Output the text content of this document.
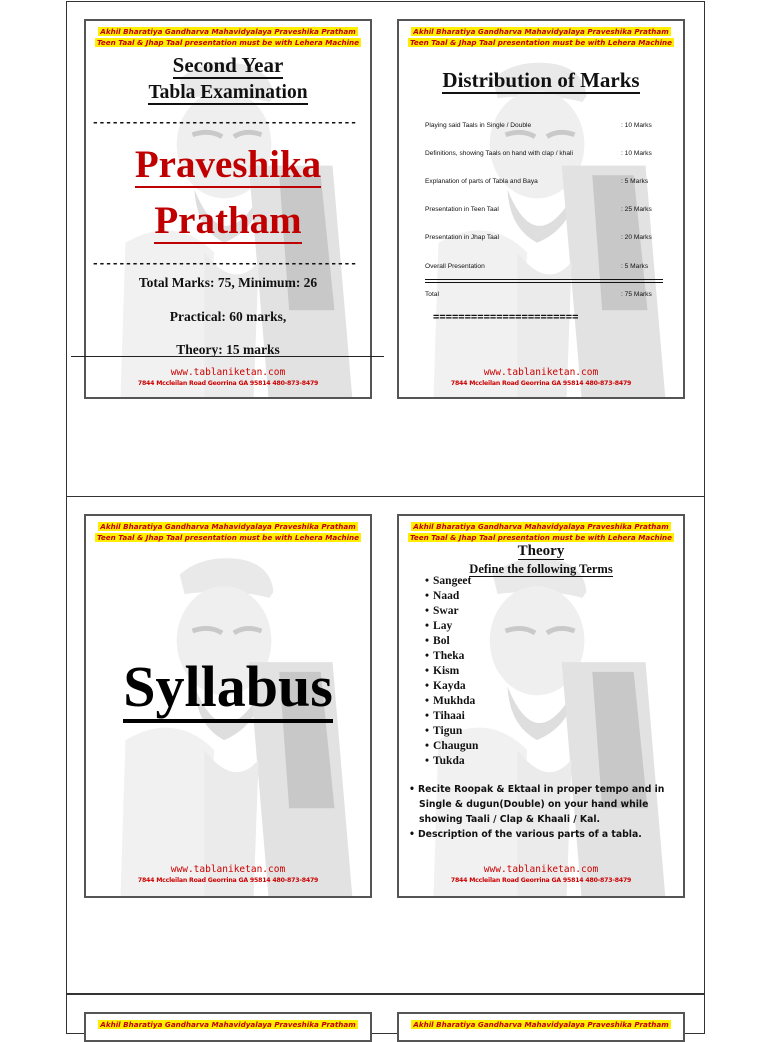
Akhil Bharatiya Gandharva Mahavidyalaya Praveshika Pratham
Teen Taal & Jhap Taal presentation must be with Lehera Machine
Second Year
Tabla Examination
----------------------------------------
Praveshika
Pratham
----------------------------------------
Total Marks: 75, Minimum: 26
Practical: 60 marks,
Theory: 15 marks
www.tablaniketan.com
7844 Mccleilan Road Georrina GA 95814 480-873-8479
Akhil Bharatiya Gandharva Mahavidyalaya Praveshika Pratham
Teen Taal & Jhap Taal presentation must be with Lehera Machine
Distribution of Marks
Playing said Taals in Single / Double	: 10 Marks
Definitions, showing Taals on hand with clap / khali	: 10 Marks
Explanation of parts of Tabla and Baya	: 5 Marks
Presentation in Teen Taal	: 25 Marks
Presentation in Jhap Taal	: 20 Marks
Overall Presentation	: 5 Marks
Total	: 75 Marks
=======================
www.tablaniketan.com
7844 Mccleilan Road Georrina GA 95814 480-873-8479
Akhil Bharatiya Gandharva Mahavidyalaya Praveshika Pratham
Teen Taal & Jhap Taal presentation must be with Lehera Machine
Syllabus
www.tablaniketan.com
7844 Mccleilan Road Georrina GA 95814 480-873-8479
Akhil Bharatiya Gandharva Mahavidyalaya Praveshika Pratham
Teen Taal & Jhap Taal presentation must be with Lehera Machine
Theory
Define the following Terms
• Sangeet
• Naad
• Swar
• Lay
• Bol
• Theka
• Kism
• Kayda
• Mukhda
• Tihaai
• Tigun
• Chaugun
• Tukda
• Recite Roopak & Ektaal in proper tempo and in Single & dugun(Double) on your hand while showing Taali / Clap & Khaali / Kal.
• Description of the various parts of a tabla.
www.tablaniketan.com
7844 Mccleilan Road Georrina GA 95814 480-873-8479
Akhil Bharatiya Gandharva Mahavidyalaya Praveshika Pratham	Akhil Bharatiya Gandharva Mahavidyalaya Praveshika Pratham
